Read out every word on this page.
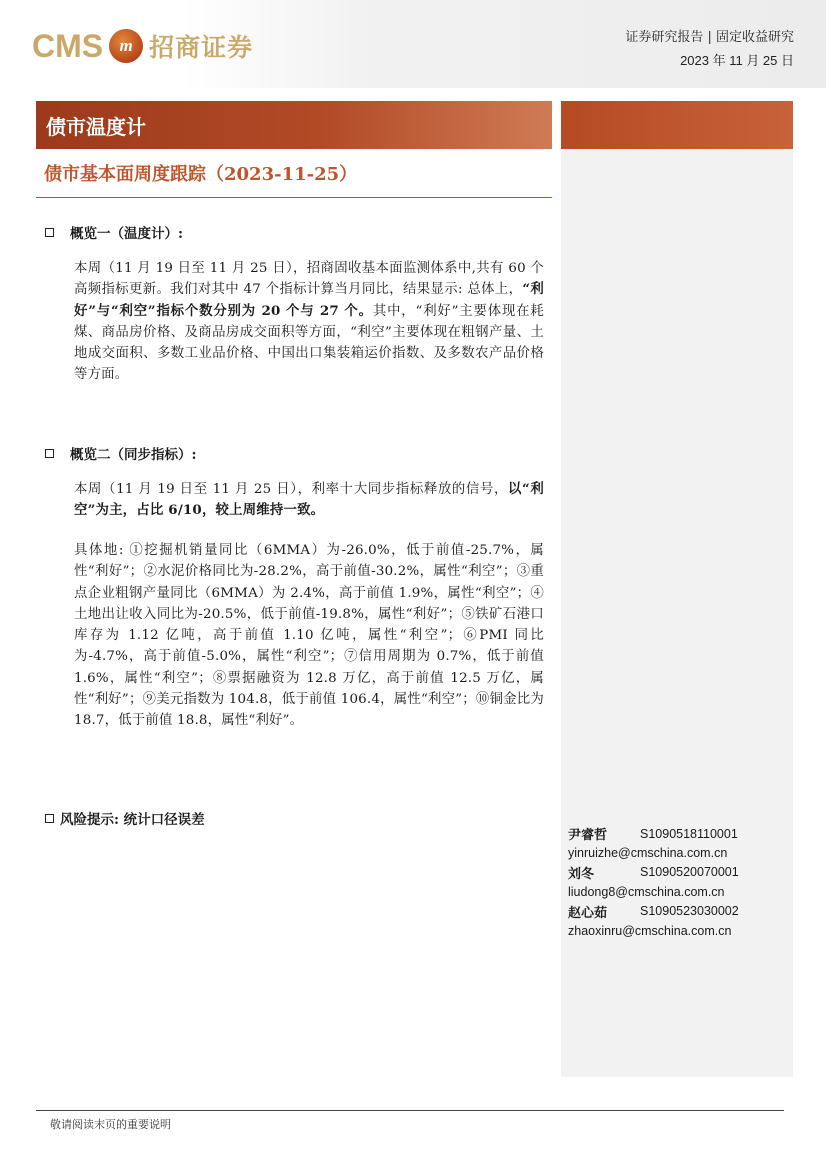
CMS m 招商证券	证券研究报告 | 固定收益研究
2023 年 11 月 25 日
债市温度计
债市基本面周度跟踪（2023-11-25）
概览一（温度计）:
本周（11 月 19 日至 11 月 25 日），招商固收基本面监测体系中,共有 60 个高频指标更新。我们对其中 47 个指标计算当月同比，结果显示: 总体上，“利好”与“利空”指标个数分别为 20 个与 27 个。其中，“利好”主要体现在耗煤、商品房价格、及商品房成交面积等方面，“利空”主要体现在粗钢产量、土地成交面积、多数工业品价格、中国出口集装箱运价指数、及多数农产品价格等方面。
概览二（同步指标）:
本周（11 月 19 日至 11 月 25 日），利率十大同步指标释放的信号，以“利空”为主，占比 6/10，较上周维持一致。
具体地: ①挖掘机销量同比（6MMA）为-26.0%，低于前值-25.7%，属性“利好”；②水泥价格同比为-28.2%，高于前值-30.2%，属性“利空”；③重点企业粗钢产量同比（6MMA）为 2.4%，高于前值 1.9%，属性“利空”；④土地出让收入同比为-20.5%，低于前值-19.8%，属性“利好”；⑤铁矿石港口库存为 1.12 亿吨，高于前值 1.10 亿吨，属性“利空”；⑥PMI 同比为-4.7%，高于前值-5.0%，属性“利空”；⑦信用周期为 0.7%，低于前值 1.6%，属性“利空”；⑧票据融资为 12.8 万亿，高于前值 12.5 万亿，属性“利好”；⑨美元指数为 104.8，低于前值 106.4，属性“利空”；⑩铜金比为 18.7，低于前值 18.8，属性“利好”。
风险提示: 统计口径误差
尹睿哲	S1090518110001
yinruizhe@cmschina.com.cn
刘冬	S1090520070001
liudong8@cmschina.com.cn
赵心茹	S1090523030002
zhaoxinru@cmschina.com.cn
敬请阅读末页的重要说明
